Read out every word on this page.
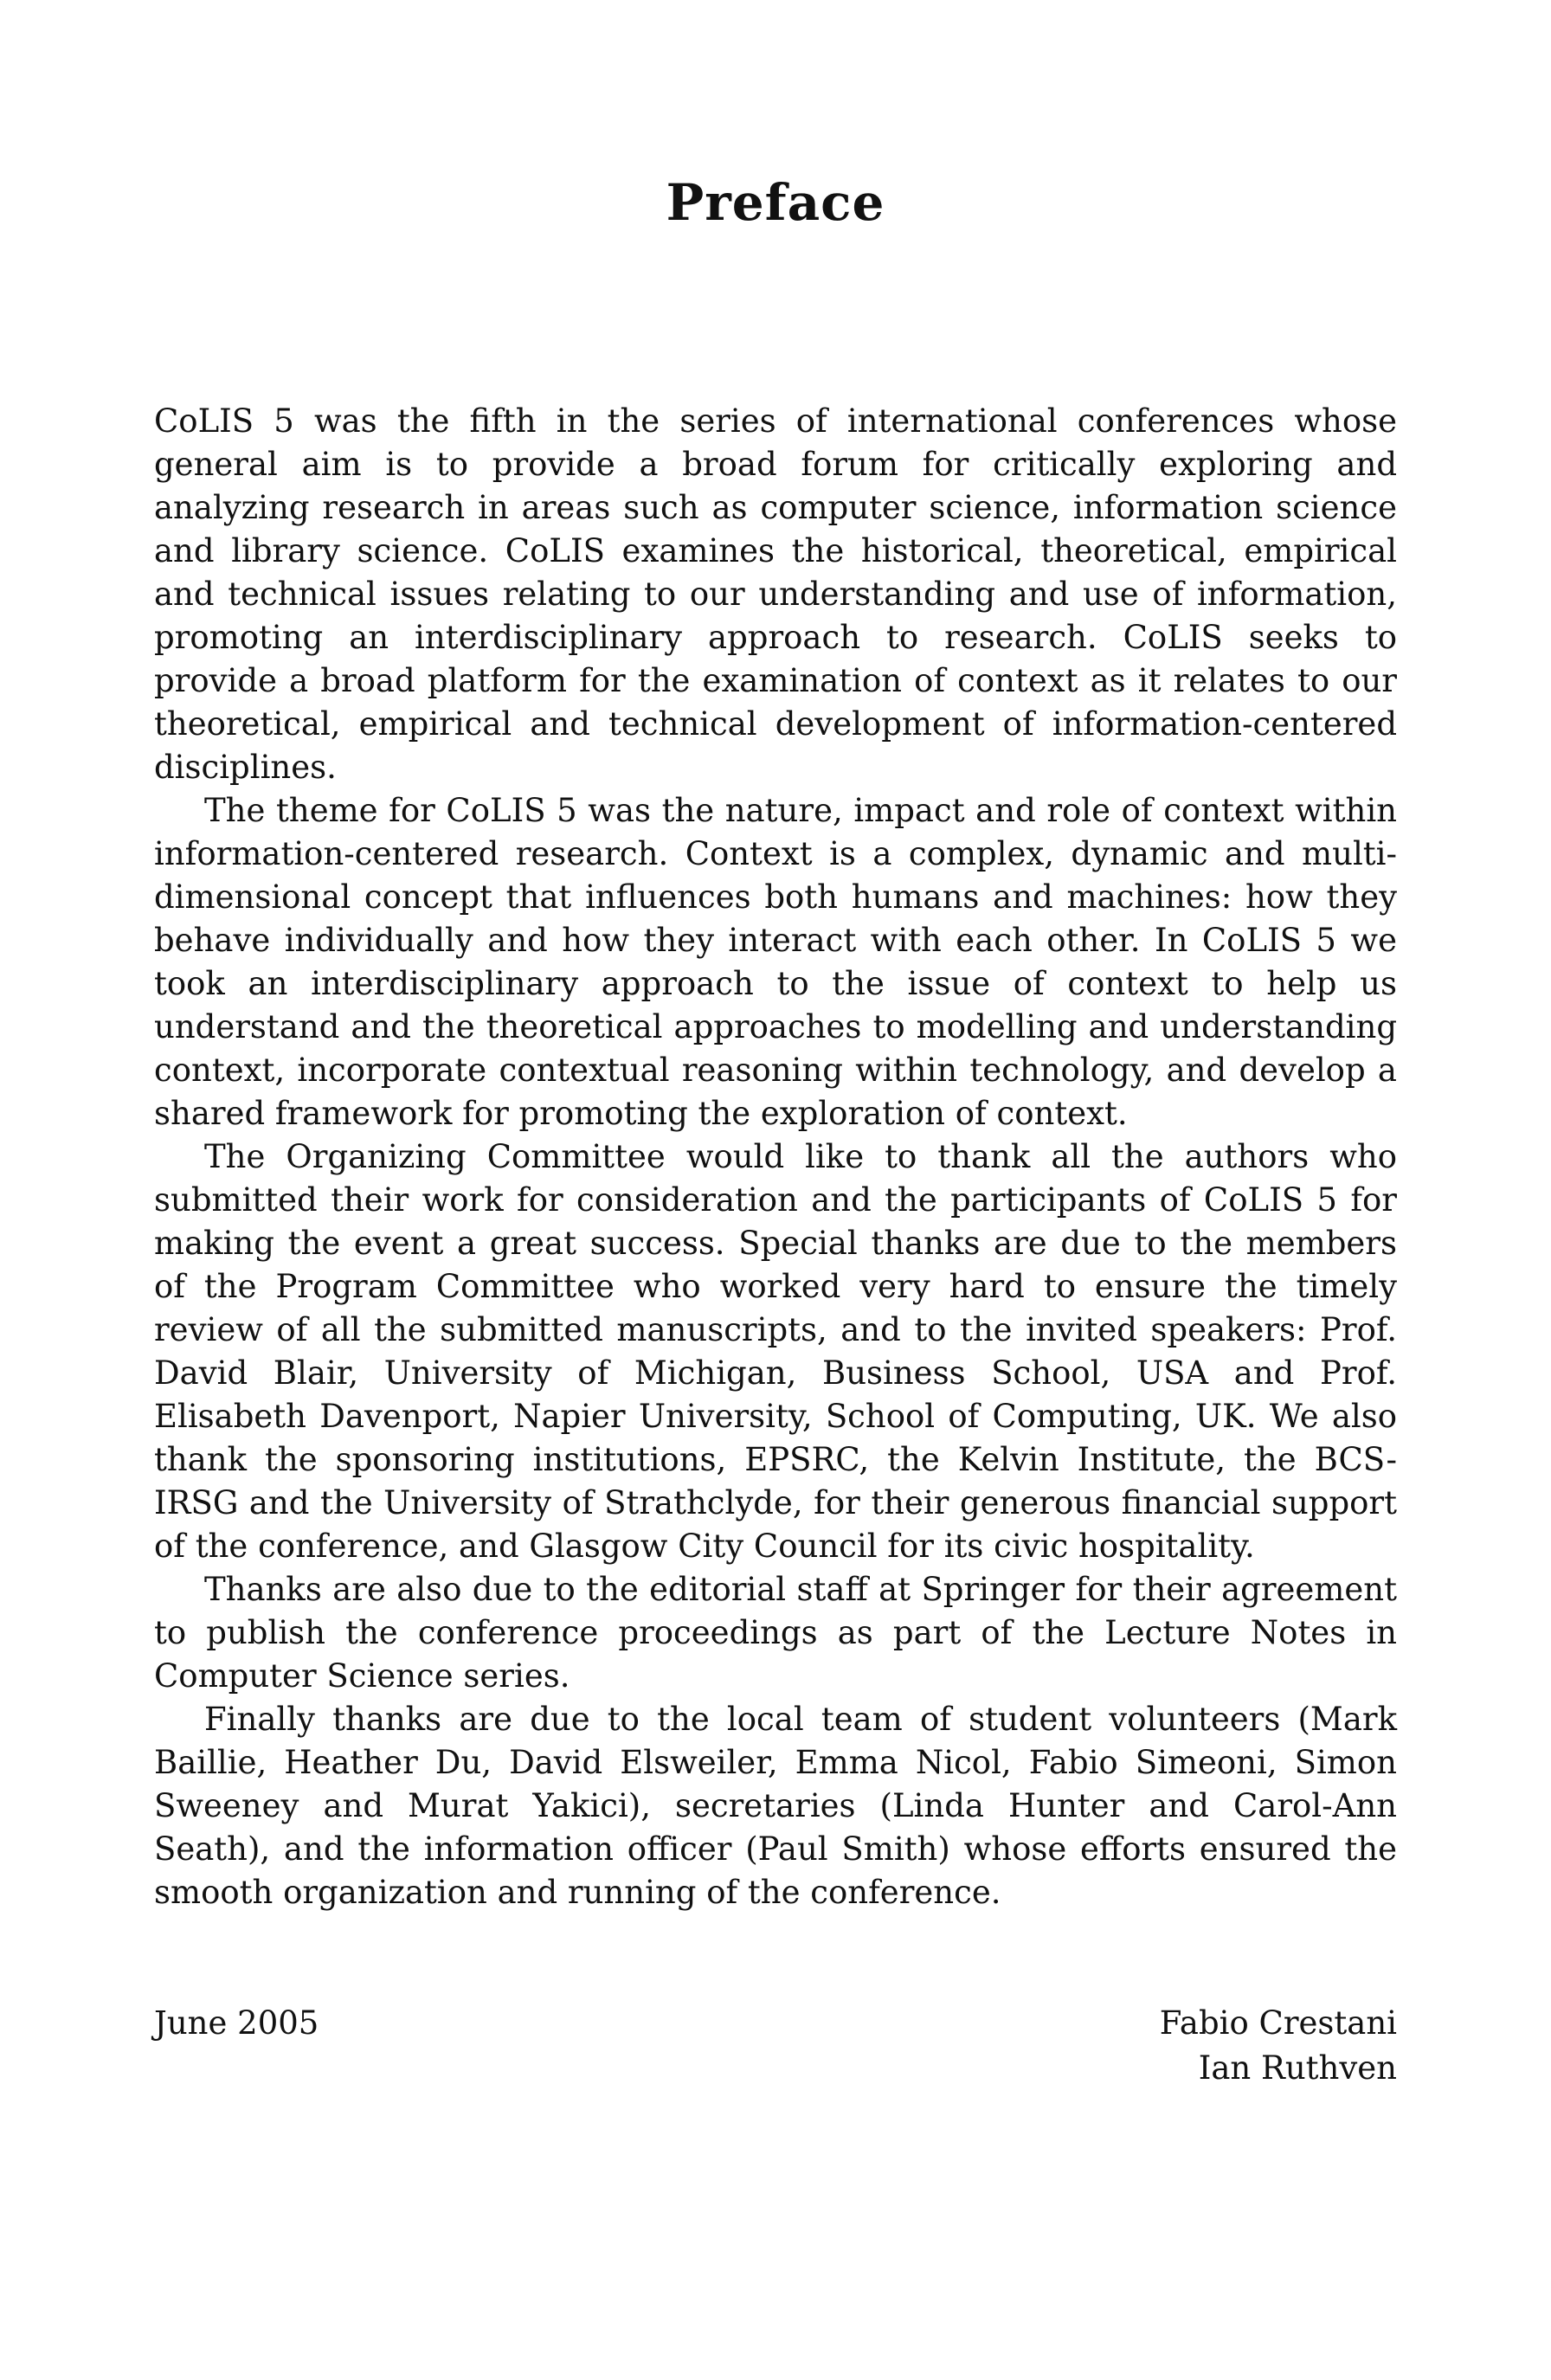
Preface

CoLIS 5 was the fifth in the series of international conferences whose general aim is to provide a broad forum for critically exploring and analyzing research in areas such as computer science, information science and library science. CoLIS examines the historical, theoretical, empirical and technical issues relating to our understanding and use of information, promoting an interdisciplinary approach to research. CoLIS seeks to provide a broad platform for the examination of context as it relates to our theoretical, empirical and technical development of information-centered disciplines.

The theme for CoLIS 5 was the nature, impact and role of context within information-centered research. Context is a complex, dynamic and multi- dimensional concept that influences both humans and machines: how they behave individually and how they interact with each other. In CoLIS 5 we took an interdisciplinary approach to the issue of context to help us understand and the theoretical approaches to modelling and understanding context, incorporate contextual reasoning within technology, and develop a shared framework for promoting the exploration of context.

The Organizing Committee would like to thank all the authors who submitted their work for consideration and the participants of CoLIS 5 for making the event a great success. Special thanks are due to the members of the Program Committee who worked very hard to ensure the timely review of all the submitted manuscripts, and to the invited speakers: Prof. David Blair, University of Michigan, Business School, USA and Prof. Elisabeth Davenport, Napier University, School of Computing, UK. We also thank the sponsoring institutions, EPSRC, the Kelvin Institute, the BCS-IRSG and the University of Strathclyde, for their generous financial support of the conference, and Glasgow City Council for its civic hospitality.

Thanks are also due to the editorial staff at Springer for their agreement to publish the conference proceedings as part of the Lecture Notes in Computer Science series.

Finally thanks are due to the local team of student volunteers (Mark Baillie, Heather Du, David Elsweiler, Emma Nicol, Fabio Simeoni, Simon Sweeney and Murat Yakici), secretaries (Linda Hunter and Carol-Ann Seath), and the information officer (Paul Smith) whose efforts ensured the smooth organization and running of the conference.

June 2005	Fabio Crestani
Ian Ruthven
